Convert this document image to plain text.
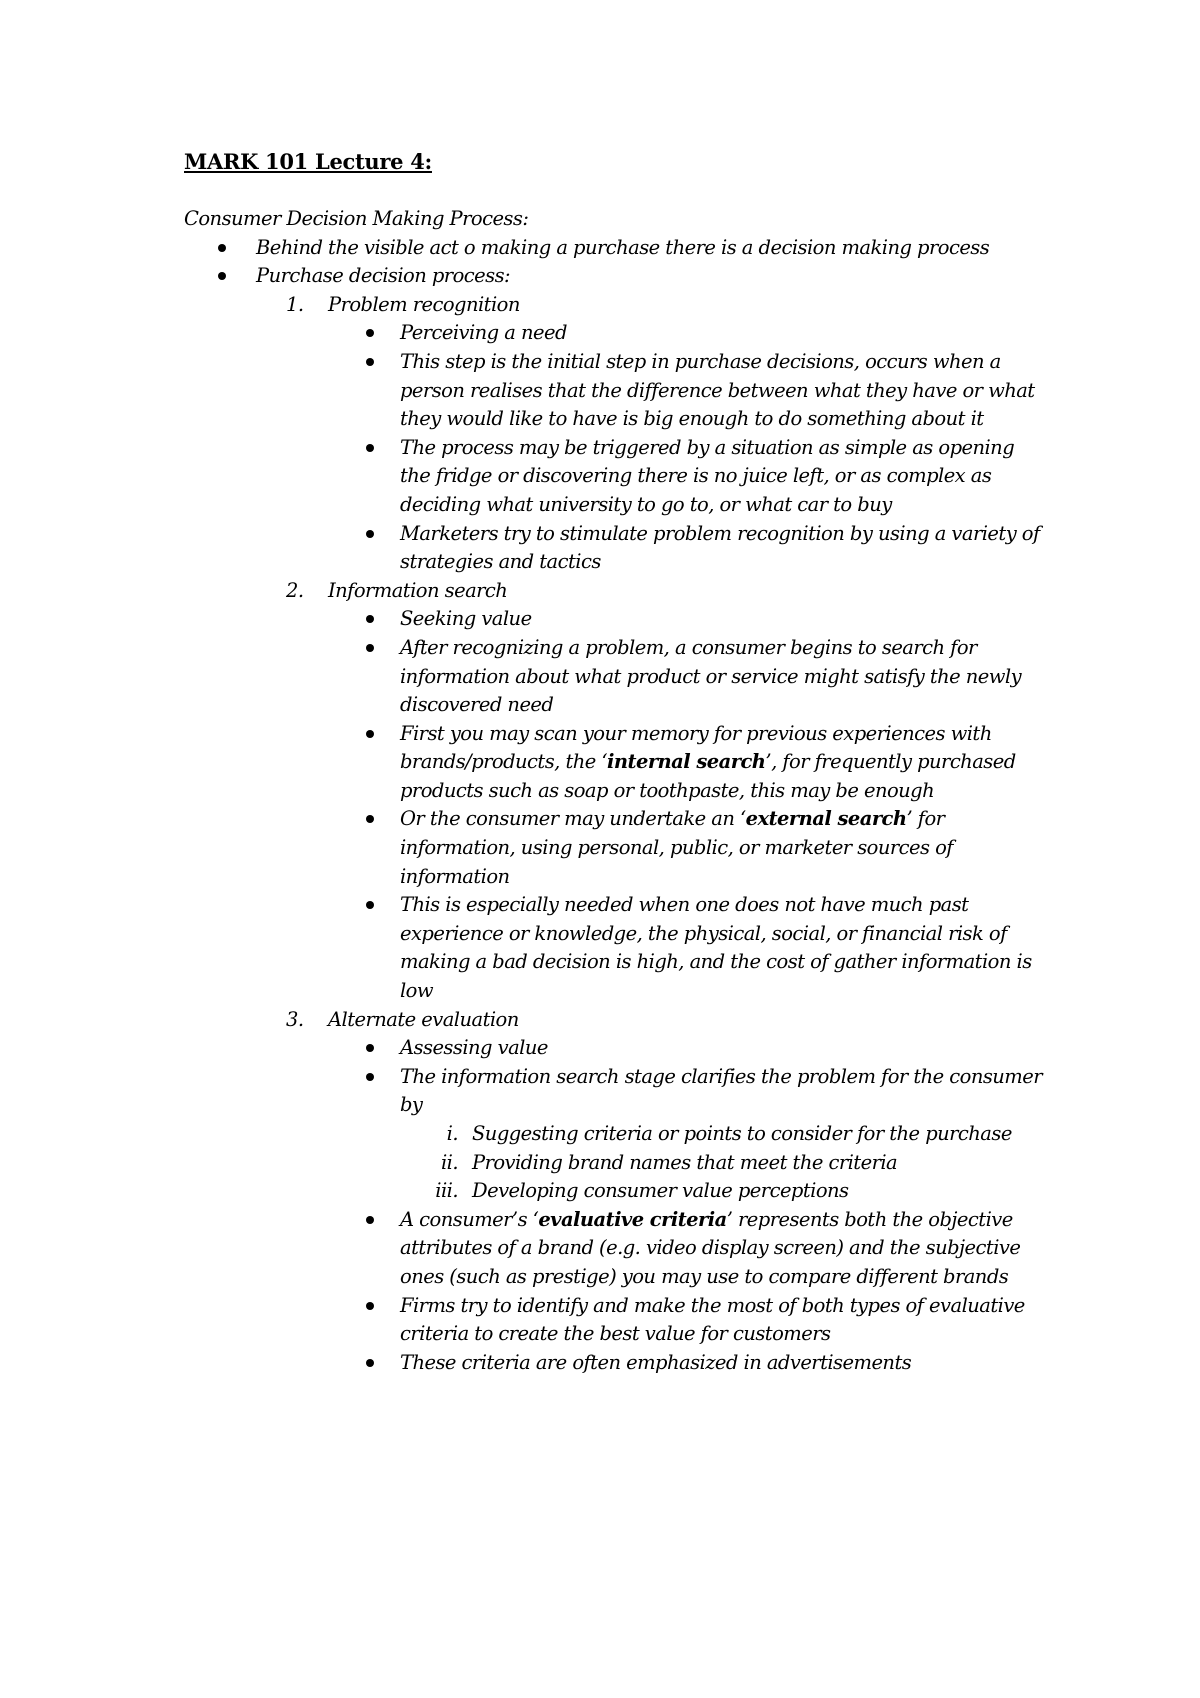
MARK 101 Lecture 4:

Consumer Decision Making Process:

Behind the visible act o making a purchase there is a decision making process
Purchase decision process:
1.	Problem recognition
Perceiving a need
This step is the initial step in purchase decisions, occurs when a person realises that the difference between what they have or what they would like to have is big enough to do something about it
The process may be triggered by a situation as simple as opening the fridge or discovering there is no juice left, or as complex as deciding what university to go to, or what car to buy
Marketers try to stimulate problem recognition by using a variety of strategies and tactics
2.	Information search
Seeking value
After recognizing a problem, a consumer begins to search for information about what product or service might satisfy the newly discovered need
First you may scan your memory for previous experiences with brands/products, the ‘internal search’, for frequently purchased products such as soap or toothpaste, this may be enough
Or the consumer may undertake an ‘external search’ for information, using personal, public, or marketer sources of information
This is especially needed when one does not have much past experience or knowledge, the physical, social, or financial risk of making a bad decision is high, and the cost of gather information is low
3.	Alternate evaluation
Assessing value
The information search stage clarifies the problem for the consumer by
i. Suggesting criteria or points to consider for the purchase
ii. Providing brand names that meet the criteria
iii. Developing consumer value perceptions
A consumer’s ‘evaluative criteria’ represents both the objective attributes of a brand (e.g. video display screen) and the subjective ones (such as prestige) you may use to compare different brands
Firms try to identify and make the most of both types of evaluative criteria to create the best value for customers
These criteria are often emphasized in advertisements
